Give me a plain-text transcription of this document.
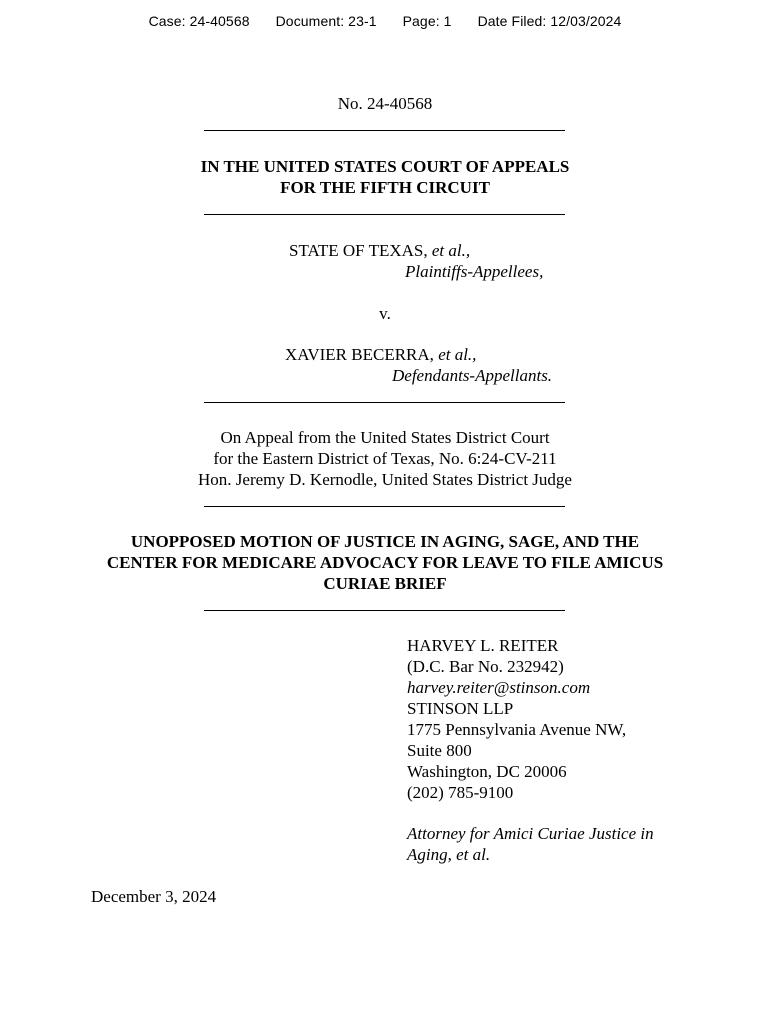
Case: 24-40568 Document: 23-1 Page: 1 Date Filed: 12/03/2024
No. 24-40568
IN THE UNITED STATES COURT OF APPEALS
FOR THE FIFTH CIRCUIT
STATE OF TEXAS, et al.,
Plaintiffs-Appellees,
v.
XAVIER BECERRA, et al.,
Defendants-Appellants.
On Appeal from the United States District Court
for the Eastern District of Texas, No. 6:24-CV-211
Hon. Jeremy D. Kernodle, United States District Judge
UNOPPOSED MOTION OF JUSTICE IN AGING, SAGE, AND THE
CENTER FOR MEDICARE ADVOCACY FOR LEAVE TO FILE AMICUS
CURIAE BRIEF
HARVEY L. REITER
(D.C. Bar No. 232942)
harvey.reiter@stinson.com
STINSON LLP
1775 Pennsylvania Avenue NW,
Suite 800
Washington, DC 20006
(202) 785-9100
Attorney for Amici Curiae Justice in
Aging, et al.
December 3, 2024
